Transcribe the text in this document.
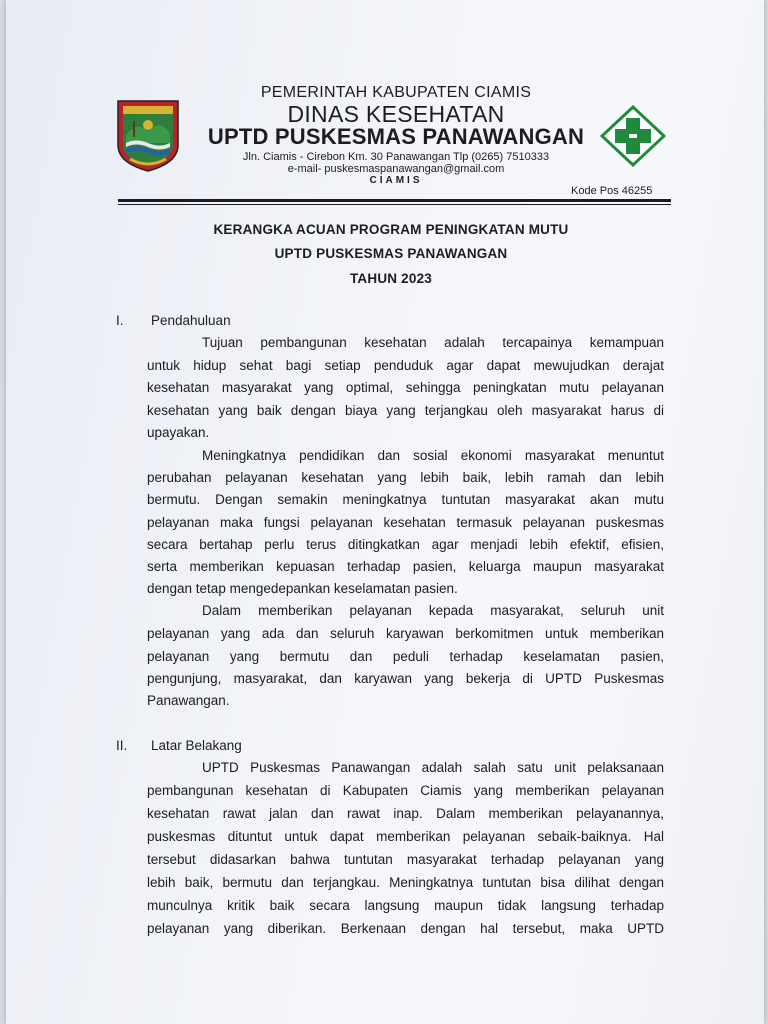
PEMERINTAH KABUPATEN CIAMIS
DINAS KESEHATAN
UPTD PUSKESMAS PANAWANGAN
Jln. Ciamis - Cirebon Km. 30 Panawangan Tlp (0265) 7510333
e-mail- puskesmaspanawangan@gmail.com
CIAMIS
Kode Pos 46255
KERANGKA ACUAN PROGRAM PENINGKATAN MUTU
UPTD PUSKESMAS PANAWANGAN
TAHUN 2023
I. Pendahuluan
Tujuan pembangunan kesehatan adalah tercapainya kemampuan
untuk hidup sehat bagi setiap penduduk agar dapat mewujudkan derajat
kesehatan masyarakat yang optimal, sehingga peningkatan mutu pelayanan
kesehatan yang baik dengan biaya yang terjangkau oleh masyarakat harus di
upayakan.
Meningkatnya pendidikan dan sosial ekonomi masyarakat menuntut
perubahan pelayanan kesehatan yang lebih baik, lebih ramah dan lebih
bermutu. Dengan semakin meningkatnya tuntutan masyarakat akan mutu
pelayanan maka fungsi pelayanan kesehatan termasuk pelayanan puskesmas
secara bertahap perlu terus ditingkatkan agar menjadi lebih efektif, efisien,
serta memberikan kepuasan terhadap pasien, keluarga maupun masyarakat
dengan tetap mengedepankan keselamatan pasien.
Dalam memberikan pelayanan kepada masyarakat, seluruh unit
pelayanan yang ada dan seluruh karyawan berkomitmen untuk memberikan
pelayanan yang bermutu dan peduli terhadap keselamatan pasien,
pengunjung, masyarakat, dan karyawan yang bekerja di UPTD Puskesmas
Panawangan.
II. Latar Belakang
UPTD Puskesmas Panawangan adalah salah satu unit pelaksanaan
pembangunan kesehatan di Kabupaten Ciamis yang memberikan pelayanan
kesehatan rawat jalan dan rawat inap. Dalam memberikan pelayanannya,
puskesmas dituntut untuk dapat memberikan pelayanan sebaik-baiknya. Hal
tersebut didasarkan bahwa tuntutan masyarakat terhadap pelayanan yang
lebih baik, bermutu dan terjangkau. Meningkatnya tuntutan bisa dilihat dengan
munculnya kritik baik secara langsung maupun tidak langsung terhadap
pelayanan yang diberikan. Berkenaan dengan hal tersebut, maka UPTD
